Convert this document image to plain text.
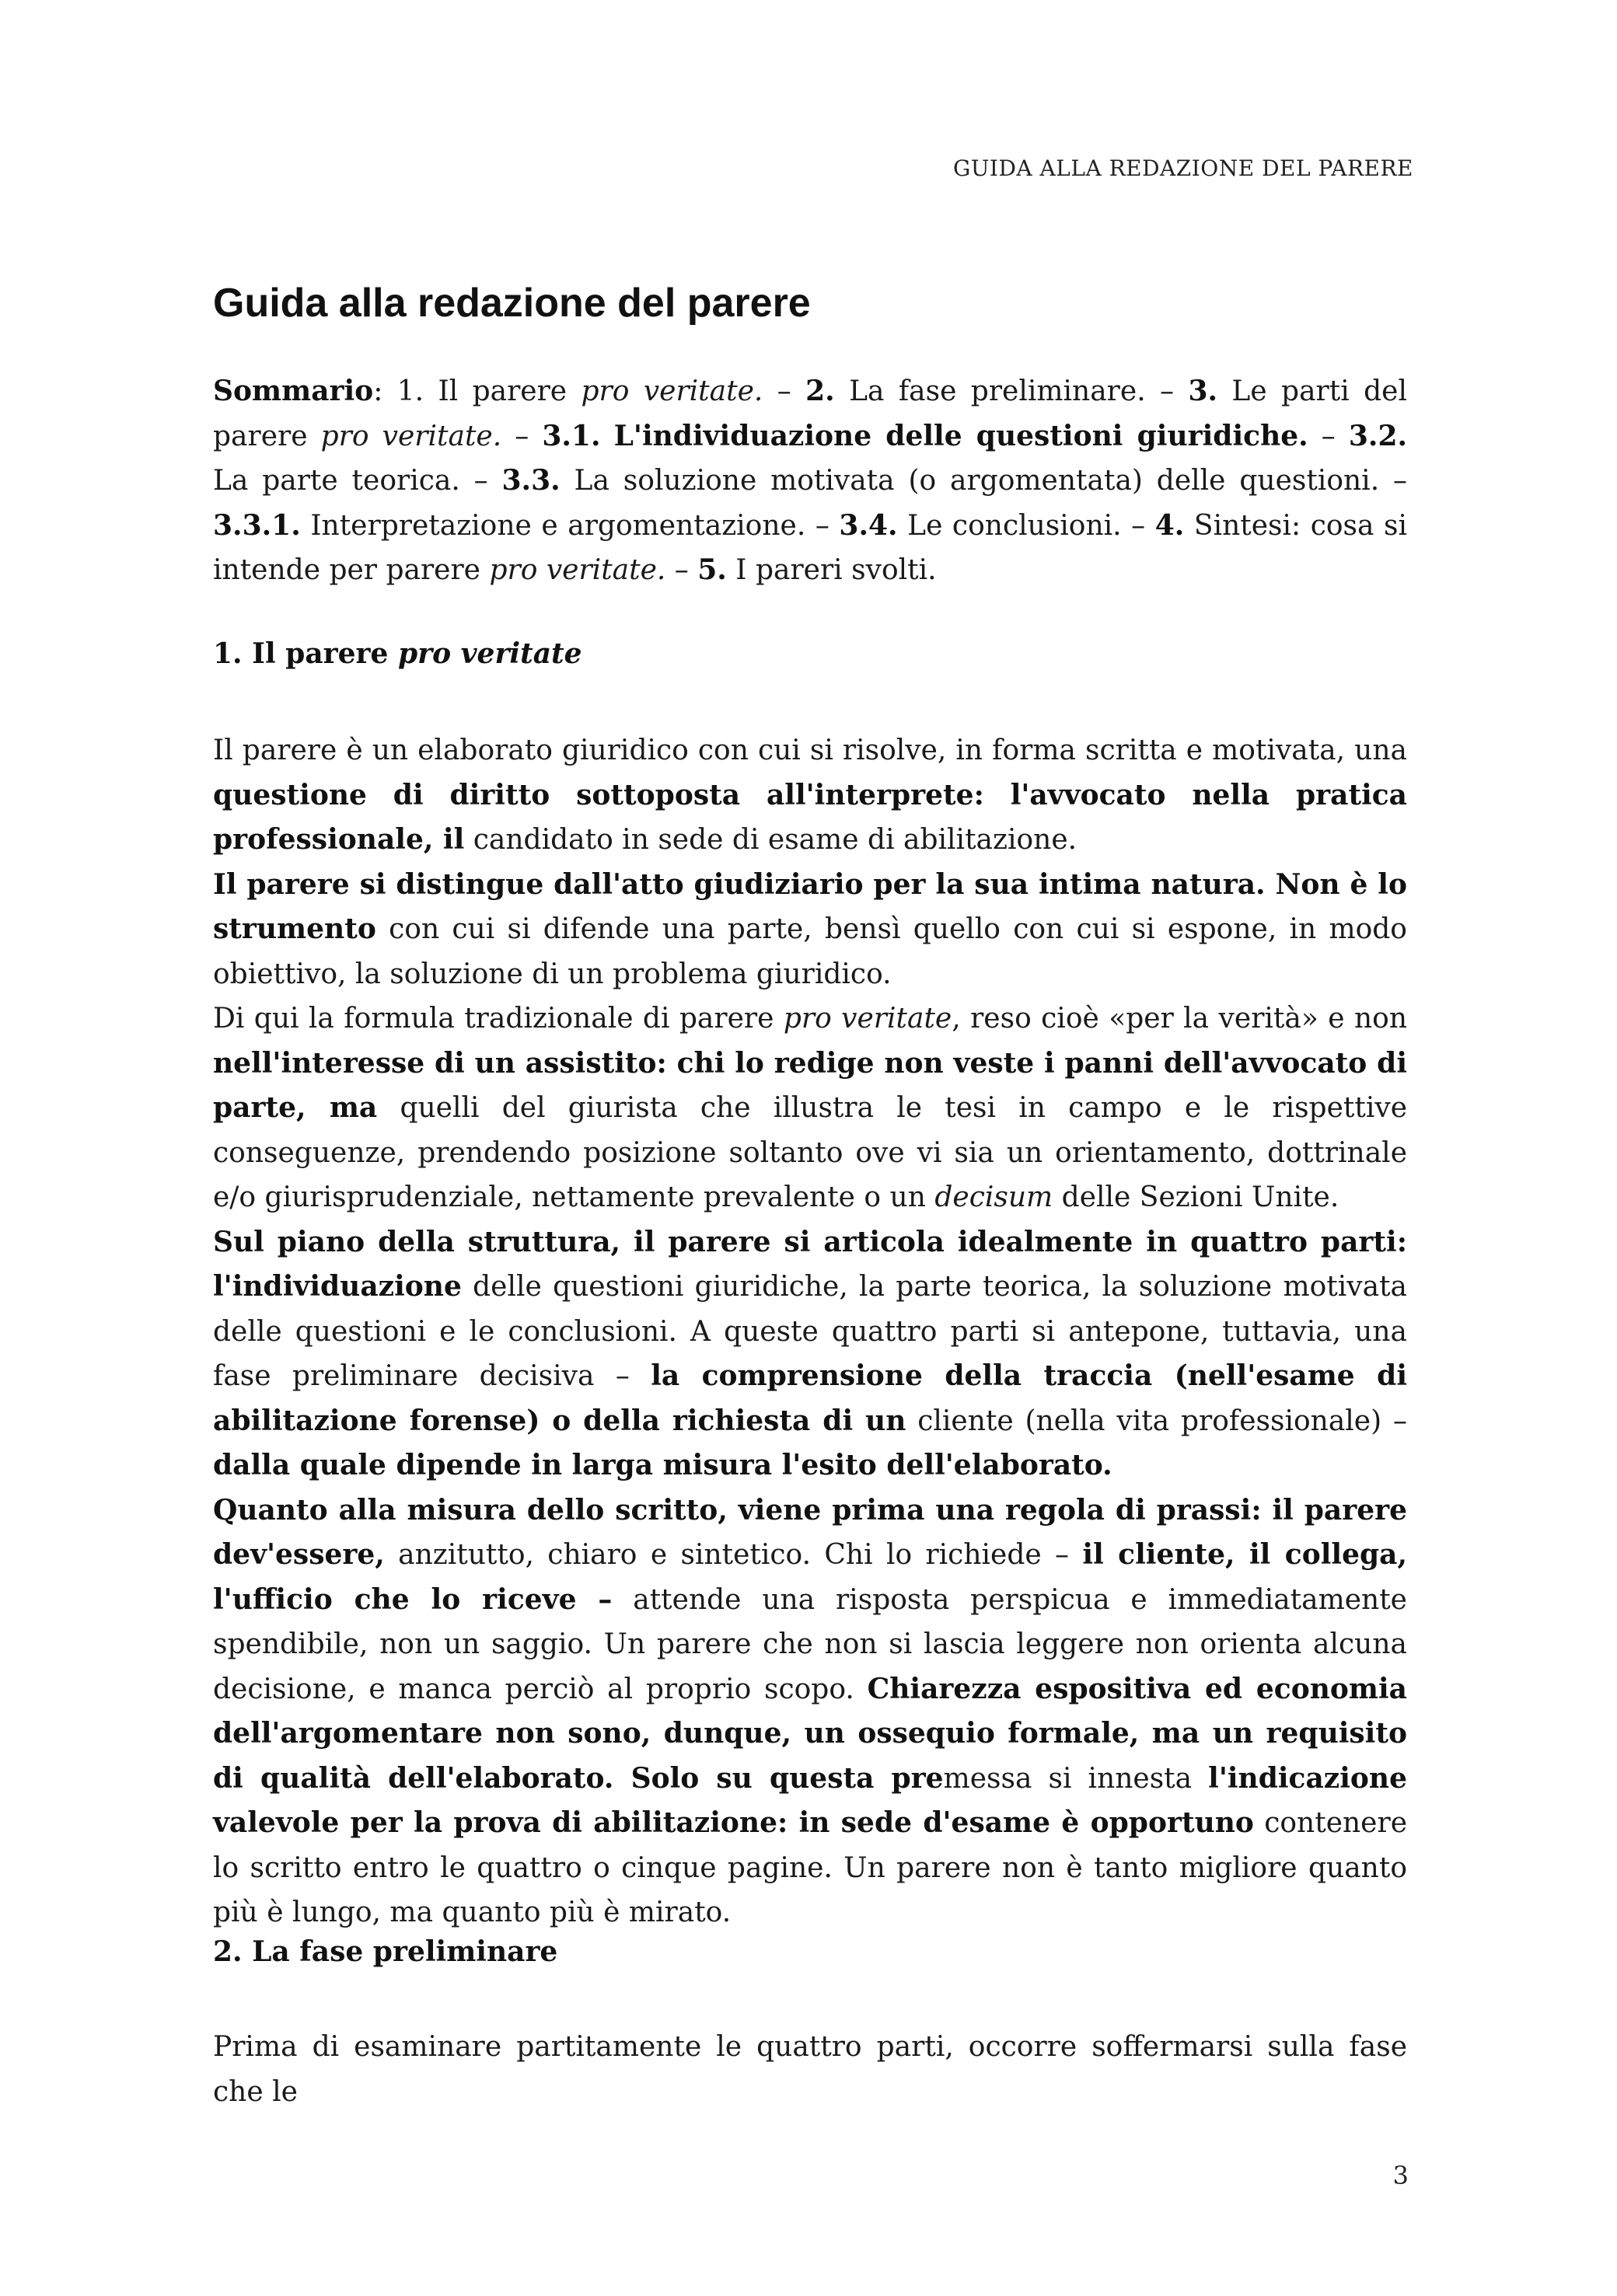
GUIDA ALLA REDAZIONE DEL PARERE
Guida alla redazione del parere

Sommario: 1. Il parere pro veritate. – 2. La fase preliminare. – 3. Le parti del parere pro veritate. – 3.1. L'individuazione delle questioni giuridiche. – 3.2. La parte teorica. – 3.3. La soluzione motivata (o argomentata) delle questioni. – 3.3.1. Interpretazione e argomentazione. – 3.4. Le conclusioni. – 4. Sintesi: cosa si intende per parere pro veritate. – 5. I pareri svolti.

1. Il parere pro veritate

Il parere è un elaborato giuridico con cui si risolve, in forma scritta e motivata, una questione di diritto sottoposta all'interprete: l'avvocato nella pratica professionale, il candidato in sede di esame di abilitazione.

Il parere si distingue dall'atto giudiziario per la sua intima natura. Non è lo strumento con cui si difende una parte, bensì quello con cui si espone, in modo obiettivo, la soluzione di un problema giuridico.

Di qui la formula tradizionale di parere pro veritate, reso cioè «per la verità» e non nell'interesse di un assistito: chi lo redige non veste i panni dell'avvocato di parte, ma quelli del giurista che illustra le tesi in campo e le rispettive conseguenze, prendendo posizione soltanto ove vi sia un orientamento, dottrinale e/o giurisprudenziale, nettamente prevalente o un decisum delle Sezioni Unite.

Sul piano della struttura, il parere si articola idealmente in quattro parti: l'individuazione delle questioni giuridiche, la parte teorica, la soluzione motivata delle questioni e le conclusioni. A queste quattro parti si antepone, tuttavia, una fase preliminare decisiva – la comprensione della traccia (nell'esame di abilitazione forense) o della richiesta di un cliente (nella vita professionale) – dalla quale dipende in larga misura l'esito dell'elaborato.

Quanto alla misura dello scritto, viene prima una regola di prassi: il parere dev'essere, anzitutto, chiaro e sintetico. Chi lo richiede – il cliente, il collega, l'ufficio che lo riceve – attende una risposta perspicua e immediatamente spendibile, non un saggio. Un parere che non si lascia leggere non orienta alcuna decisione, e manca perciò al proprio scopo. Chiarezza espositiva ed economia dell'argomentare non sono, dunque, un ossequio formale, ma un requisito di qualità dell'elaborato. Solo su questa premessa si innesta l'indicazione valevole per la prova di abilitazione: in sede d'esame è opportuno contenere lo scritto entro le quattro o cinque pagine. Un parere non è tanto migliore quanto più è lungo, ma quanto più è mirato.

2. La fase preliminare

Prima di esaminare partitamente le quattro parti, occorre soffermarsi sulla fase che le

3
